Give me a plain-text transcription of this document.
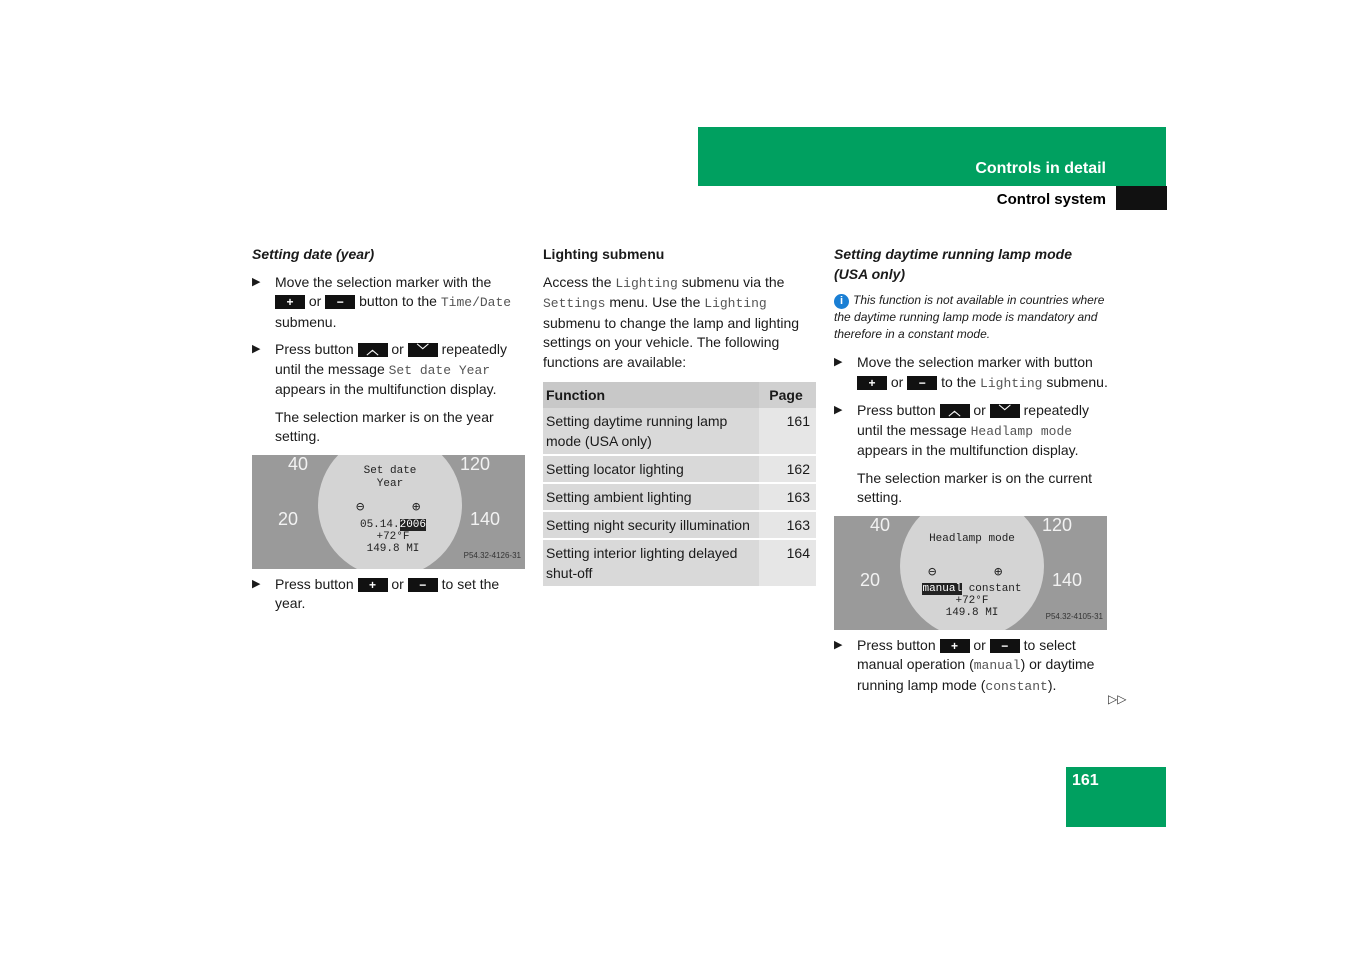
Controls in detail
Control system
Setting date (year)
▶ Move the selection marker with the
+ or − button to the Time/Date submenu.
▶ Press button ︿ or ﹀ repeatedly until the message Set date Year appears in the multifunction display.
The selection marker is on the year setting.
40	120
20	140
Set date
Year
⊖	⊕
05.14.2006
+72°F
149.8 MI
P54.32-4126-31
▶ Press button + or − to set the year.
Lighting submenu
Access the Lighting submenu via the Settings menu. Use the Lighting submenu to change the lamp and lighting settings on your vehicle. The following functions are available:
Function	Page
Setting daytime running lamp mode (USA only)	161
Setting locator lighting	162
Setting ambient lighting	163
Setting night security illumination	163
Setting interior lighting delayed shut-off	164
Setting daytime running lamp mode (USA only)
i This function is not available in countries where the daytime running lamp mode is mandatory and therefore in a constant mode.
▶ Move the selection marker with button + or − to the Lighting submenu.
▶ Press button ︿ or ﹀ repeatedly until the message Headlamp mode appears in the multifunction display.
The selection marker is on the current setting.
40	120
20	140
Headlamp mode
⊖	⊕
manual constant
+72°F
149.8 MI	P54.32-4105-31
▶ Press button + or − to select manual operation (manual) or daytime running lamp mode (constant).
▷▷
161
